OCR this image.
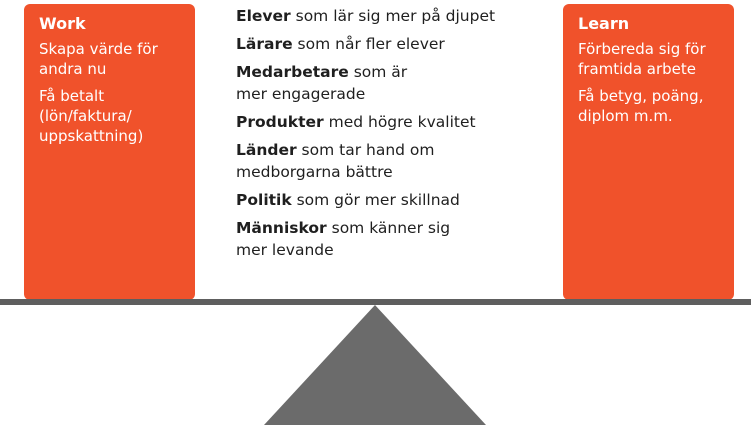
Work
Skapa värde för andra nu
Få betalt (lön/faktura/ uppskattning)
Elever som lär sig mer på djupet
Lärare som når fler elever
Medarbetare som är mer engagerade
Produkter med högre kvalitet
Länder som tar hand om medborgarna bättre
Politik som gör mer skillnad
Människor som känner sig mer levande
Learn
Förbereda sig för framtida arbete
Få betyg, poäng, diplom m.m.
